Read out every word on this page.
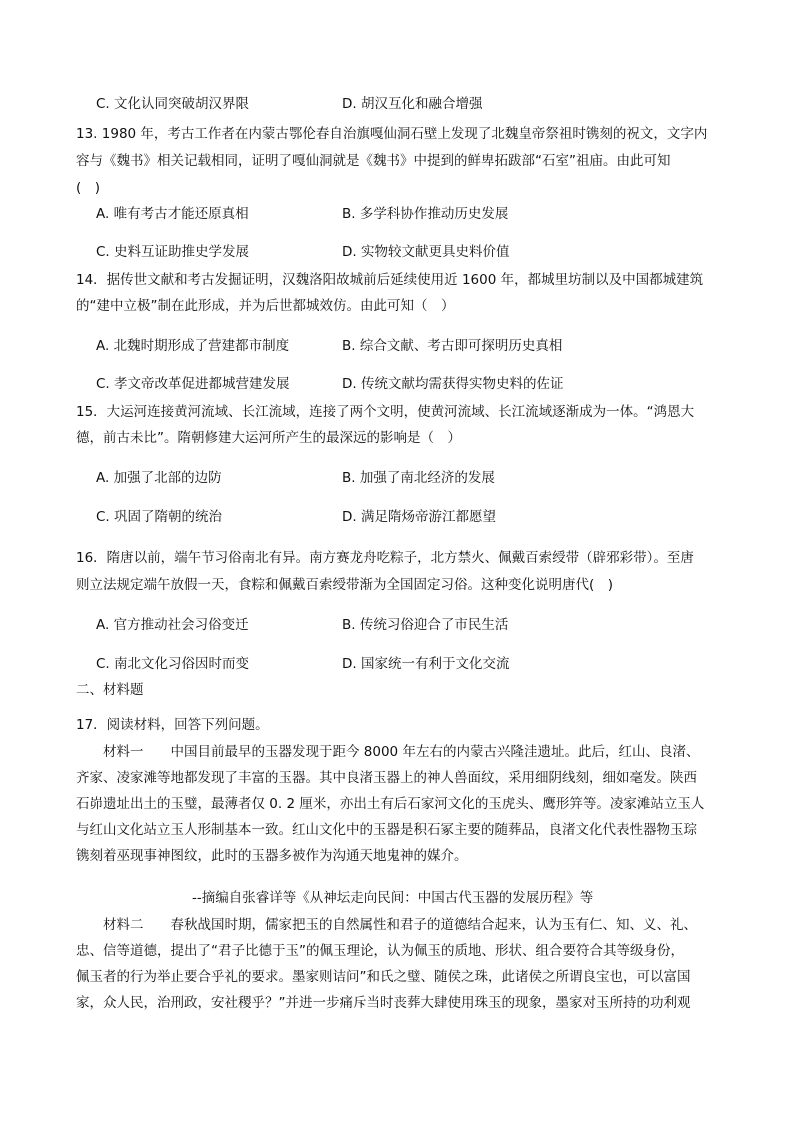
C. 文化认同突破胡汉界限	D. 胡汉互化和融合增强
13. 1980 年，考古工作者在内蒙古鄂伦春自治旗嘎仙洞石壁上发现了北魏皇帝祭祖时镌刻的祝文，文字内
容与《魏书》相关记载相同，证明了嘎仙洞就是《魏书》中提到的鲜卑拓跋部“石室”祖庙。由此可知
(　)
A. 唯有考古才能还原真相	B. 多学科协作推动历史发展
C. 史料互证助推史学发展	D. 实物较文献更具史料价值
14．据传世文献和考古发掘证明，汉魏洛阳故城前后延续使用近 1600 年，都城里坊制以及中国都城建筑
的“建中立极”制在此形成，并为后世都城效仿。由此可知（　）
A. 北魏时期形成了营建都市制度	B. 综合文献、考古即可探明历史真相
C. 孝文帝改革促进都城营建发展	D. 传统文献均需获得实物史料的佐证
15．大运河连接黄河流域、长江流域，连接了两个文明，使黄河流域、长江流域逐渐成为一体。“鸿恩大
德，前古未比”。隋朝修建大运河所产生的最深远的影响是（　）
A. 加强了北部的边防	B. 加强了南北经济的发展
C. 巩固了隋朝的统治	D. 满足隋炀帝游江都愿望
16．隋唐以前，端午节习俗南北有异。南方赛龙舟吃粽子，北方禁火、佩戴百索绶带（辟邪彩带）。至唐
则立法规定端午放假一天，食粽和佩戴百索绶带渐为全国固定习俗。这种变化说明唐代(　)
A. 官方推动社会习俗变迁	B. 传统习俗迎合了市民生活
C. 南北文化习俗因时而变	D. 国家统一有利于文化交流
二、材料题
17．阅读材料，回答下列问题。
　　材料一　　中国目前最早的玉器发现于距今 8000 年左右的内蒙古兴隆洼遗址。此后，红山、良渚、
齐家、凌家滩等地都发现了丰富的玉器。其中良渚玉器上的神人兽面纹，采用细阴线刻，细如毫发。陕西
石峁遗址出土的玉璧，最薄者仅 0. 2 厘米，亦出土有后石家河文化的玉虎头、鹰形笄等。凌家滩站立玉人
与红山文化站立玉人形制基本一致。红山文化中的玉器是积石冢主要的随葬品，良渚文化代表性器物玉琮
镌刻着巫现事神图纹，此时的玉器多被作为沟通天地鬼神的媒介。
--摘编自张睿详等《从神坛走向民间：中国古代玉器的发展历程》等
　　材料二　　春秋战国时期，儒家把玉的自然属性和君子的道德结合起来，认为玉有仁、知、义、礼、
忠、信等道德，提出了“君子比德于玉”的佩玉理论，认为佩玉的质地、形状、组合要符合其等级身份，
佩玉者的行为举止要合乎礼的要求。墨家则诘问”和氏之璧、随侯之珠，此诸侯之所谓良宝也，可以富国
家，众人民，治刑政，安社稷乎？”并进一步痛斥当时丧葬大肆使用珠玉的现象，墨家对玉所持的功利观
